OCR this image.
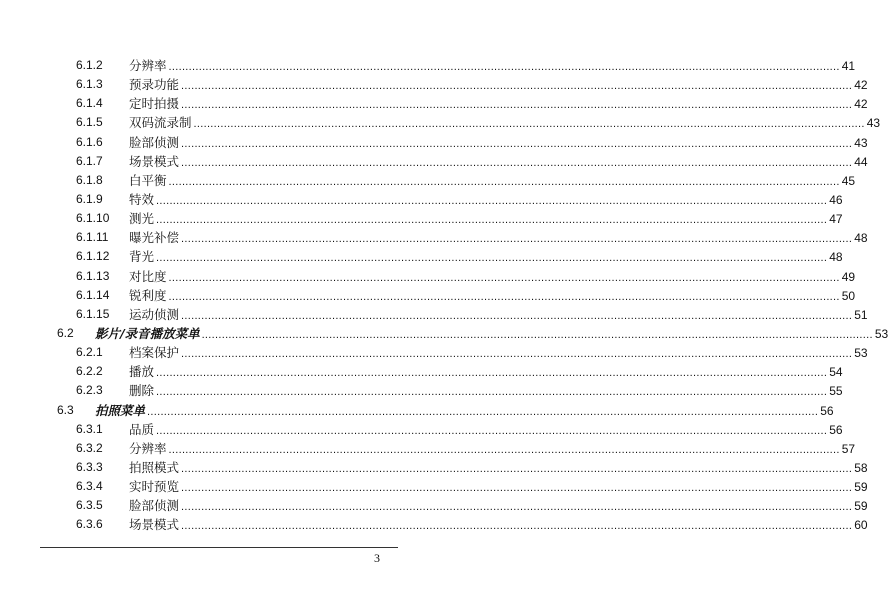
6.1.2 分辨率 ........................................................................................................................................................................................................ 41
6.1.3 预录功能 ........................................................................................................................................................................................................ 42
6.1.4 定时拍摄 ........................................................................................................................................................................................................ 42
6.1.5 双码流录制 ........................................................................................................................................................................................................ 43
6.1.6 脸部侦测 ........................................................................................................................................................................................................ 43
6.1.7 场景模式 ........................................................................................................................................................................................................ 44
6.1.8 白平衡 ........................................................................................................................................................................................................ 45
6.1.9 特效 ........................................................................................................................................................................................................ 46
6.1.10 测光 ........................................................................................................................................................................................................ 47
6.1.11 曝光补偿 ........................................................................................................................................................................................................ 48
6.1.12 背光 ........................................................................................................................................................................................................ 48
6.1.13 对比度 ........................................................................................................................................................................................................ 49
6.1.14 锐利度 ........................................................................................................................................................................................................ 50
6.1.15 运动侦测 ........................................................................................................................................................................................................ 51
6.2 影片/录音播放菜单 ........................................................................................................................................................................................................ 53
6.2.1 档案保护 ........................................................................................................................................................................................................ 53
6.2.2 播放 ........................................................................................................................................................................................................ 54
6.2.3 删除 ........................................................................................................................................................................................................ 55
6.3 拍照菜单 ........................................................................................................................................................................................................ 56
6.3.1 品质 ........................................................................................................................................................................................................ 56
6.3.2 分辨率 ........................................................................................................................................................................................................ 57
6.3.3 拍照模式 ........................................................................................................................................................................................................ 58
6.3.4 实时预览 ........................................................................................................................................................................................................ 59
6.3.5 脸部侦测 ........................................................................................................................................................................................................ 59
6.3.6 场景模式 ........................................................................................................................................................................................................ 60
3
